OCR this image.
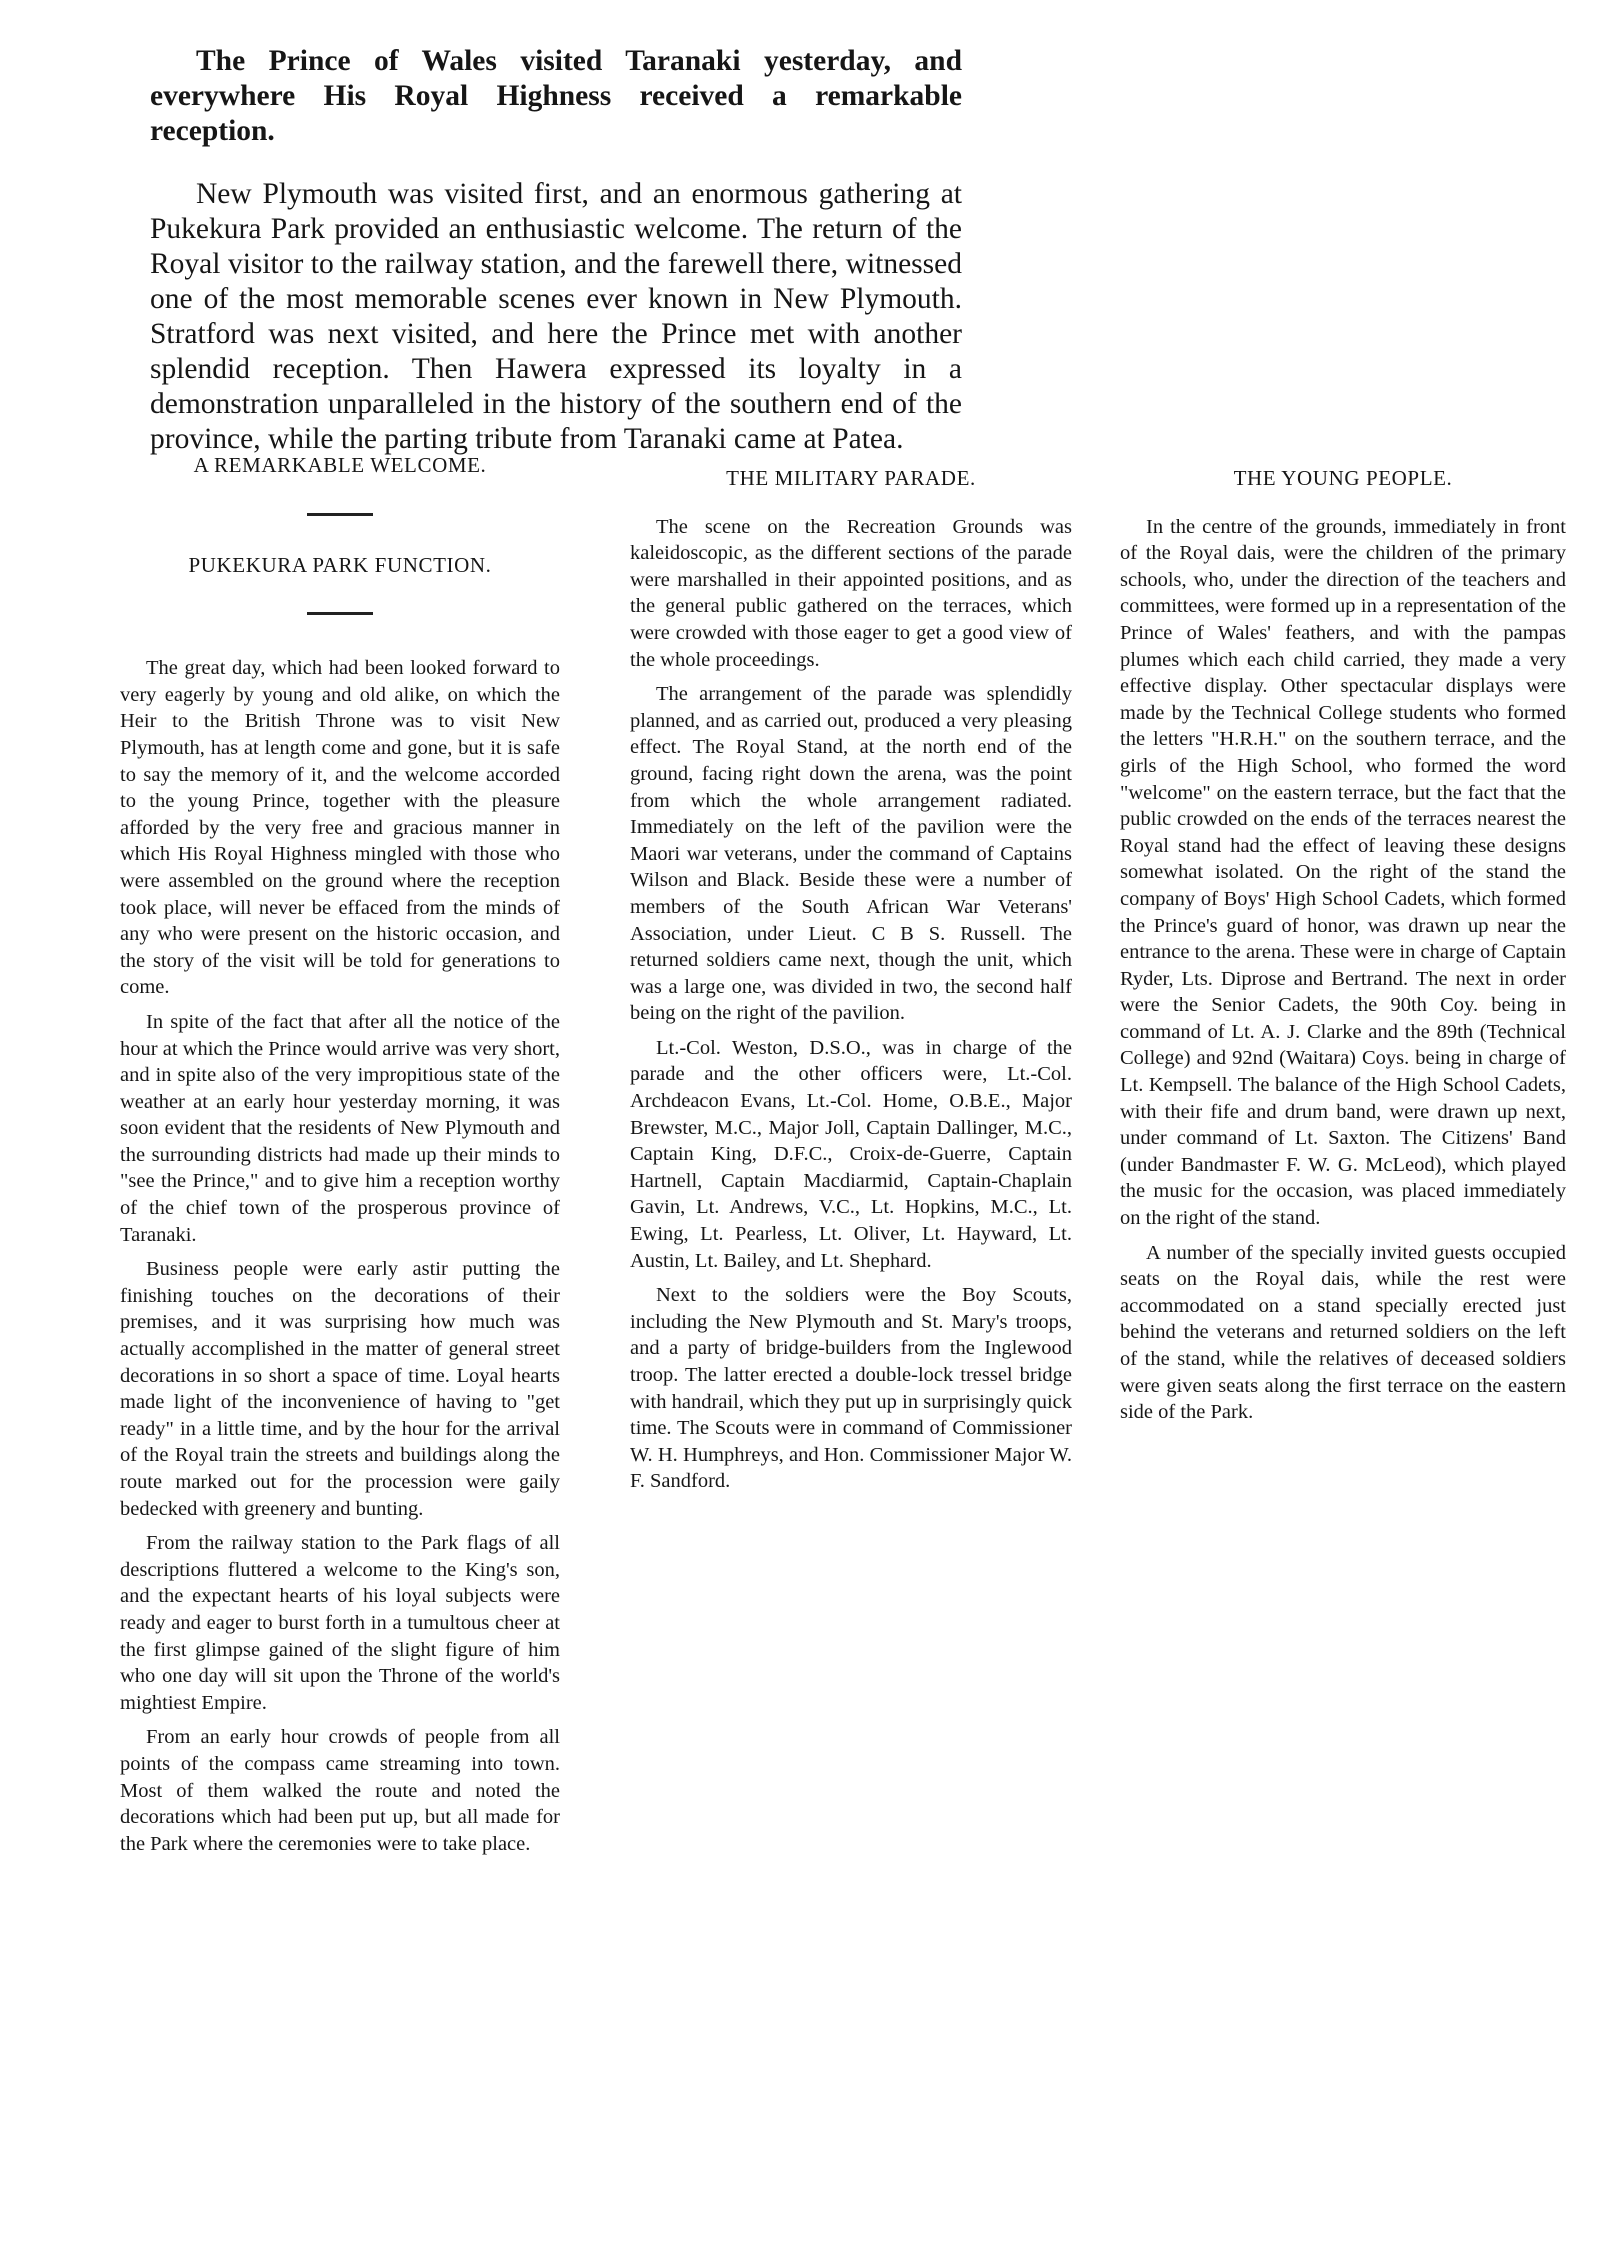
The Prince of Wales visited Taranaki yesterday, and everywhere His Royal Highness received a remarkable reception.

New Plymouth was visited first, and an enormous gathering at Pukekura Park provided an enthusiastic welcome. The return of the Royal visitor to the railway station, and the farewell there, witnessed one of the most memorable scenes ever known in New Plymouth. Stratford was next visited, and here the Prince met with another splendid reception. Then Hawera expressed its loyalty in a demonstration unparalleled in the history of the southern end of the province, while the parting tribute from Taranaki came at Patea.

A REMARKABLE WELCOME.

PUKEKURA PARK FUNCTION.

The great day, which had been looked forward to very eagerly by young and old alike, on which the Heir to the British Throne was to visit New Plymouth, has at length come and gone, but it is safe to say the memory of it, and the welcome accorded to the young Prince, together with the pleasure afforded by the very free and gracious manner in which His Royal Highness mingled with those who were assembled on the ground where the reception took place, will never be effaced from the minds of any who were present on the historic occasion, and the story of the visit will be told for generations to come.

In spite of the fact that after all the notice of the hour at which the Prince would arrive was very short, and in spite also of the very impropitious state of the weather at an early hour yesterday morning, it was soon evident that the residents of New Plymouth and the surrounding districts had made up their minds to "see the Prince," and to give him a reception worthy of the chief town of the prosperous province of Taranaki.

Business people were early astir putting the finishing touches on the decorations of their premises, and it was surprising how much was actually accomplished in the matter of general street decorations in so short a space of time. Loyal hearts made light of the inconvenience of having to "get ready" in a little time, and by the hour for the arrival of the Royal train the streets and buildings along the route marked out for the procession were gaily bedecked with greenery and bunting.

From the railway station to the Park flags of all descriptions fluttered a welcome to the King's son, and the expectant hearts of his loyal subjects were ready and eager to burst forth in a tumultous cheer at the first glimpse gained of the slight figure of him who one day will sit upon the Throne of the world's mightiest Empire.

From an early hour crowds of people from all points of the compass came streaming into town. Most of them walked the route and noted the decorations which had been put up, but all made for the Park where the ceremonies were to take place.

THE MILITARY PARADE.

The scene on the Recreation Grounds was kaleidoscopic, as the different sections of the parade were marshalled in their appointed positions, and as the general public gathered on the terraces, which were crowded with those eager to get a good view of the whole proceedings.

The arrangement of the parade was splendidly planned, and as carried out, produced a very pleasing effect. The Royal Stand, at the north end of the ground, facing right down the arena, was the point from which the whole arrangement radiated. Immediately on the left of the pavilion were the Maori war veterans, under the command of Captains Wilson and Black. Beside these were a number of members of the South African War Veterans' Association, under Lieut. C B S. Russell. The returned soldiers came next, though the unit, which was a large one, was divided in two, the second half being on the right of the pavilion.

Lt.-Col. Weston, D.S.O., was in charge of the parade and the other officers were, Lt.-Col. Archdeacon Evans, Lt.-Col. Home, O.B.E., Major Brewster, M.C., Major Joll, Captain Dallinger, M.C., Captain King, D.F.C., Croix-de-Guerre, Captain Hartnell, Captain Macdiarmid, Captain-Chaplain Gavin, Lt. Andrews, V.C., Lt. Hopkins, M.C., Lt. Ewing, Lt. Pearless, Lt. Oliver, Lt. Hayward, Lt. Austin, Lt. Bailey, and Lt. Shephard.

Next to the soldiers were the Boy Scouts, including the New Plymouth and St. Mary's troops, and a party of bridge-builders from the Inglewood troop. The latter erected a double-lock tressel bridge with handrail, which they put up in surprisingly quick time. The Scouts were in command of Commissioner W. H. Humphreys, and Hon. Commissioner Major W. F. Sandford.

THE YOUNG PEOPLE.

In the centre of the grounds, immediately in front of the Royal dais, were the children of the primary schools, who, under the direction of the teachers and committees, were formed up in a representation of the Prince of Wales' feathers, and with the pampas plumes which each child carried, they made a very effective display. Other spectacular displays were made by the Technical College students who formed the letters "H.R.H." on the southern terrace, and the girls of the High School, who formed the word "welcome" on the eastern terrace, but the fact that the public crowded on the ends of the terraces nearest the Royal stand had the effect of leaving these designs somewhat isolated. On the right of the stand the company of Boys' High School Cadets, which formed the Prince's guard of honor, was drawn up near the entrance to the arena. These were in charge of Captain Ryder, Lts. Diprose and Bertrand. The next in order were the Senior Cadets, the 90th Coy. being in command of Lt. A. J. Clarke and the 89th (Technical College) and 92nd (Waitara) Coys. being in charge of Lt. Kempsell. The balance of the High School Cadets, with their fife and drum band, were drawn up next, under command of Lt. Saxton. The Citizens' Band (under Bandmaster F. W. G. McLeod), which played the music for the occasion, was placed immediately on the right of the stand.

A number of the specially invited guests occupied seats on the Royal dais, while the rest were accommodated on a stand specially erected just behind the veterans and returned soldiers on the left of the stand, while the relatives of deceased soldiers were given seats along the first terrace on the eastern side of the Park.
